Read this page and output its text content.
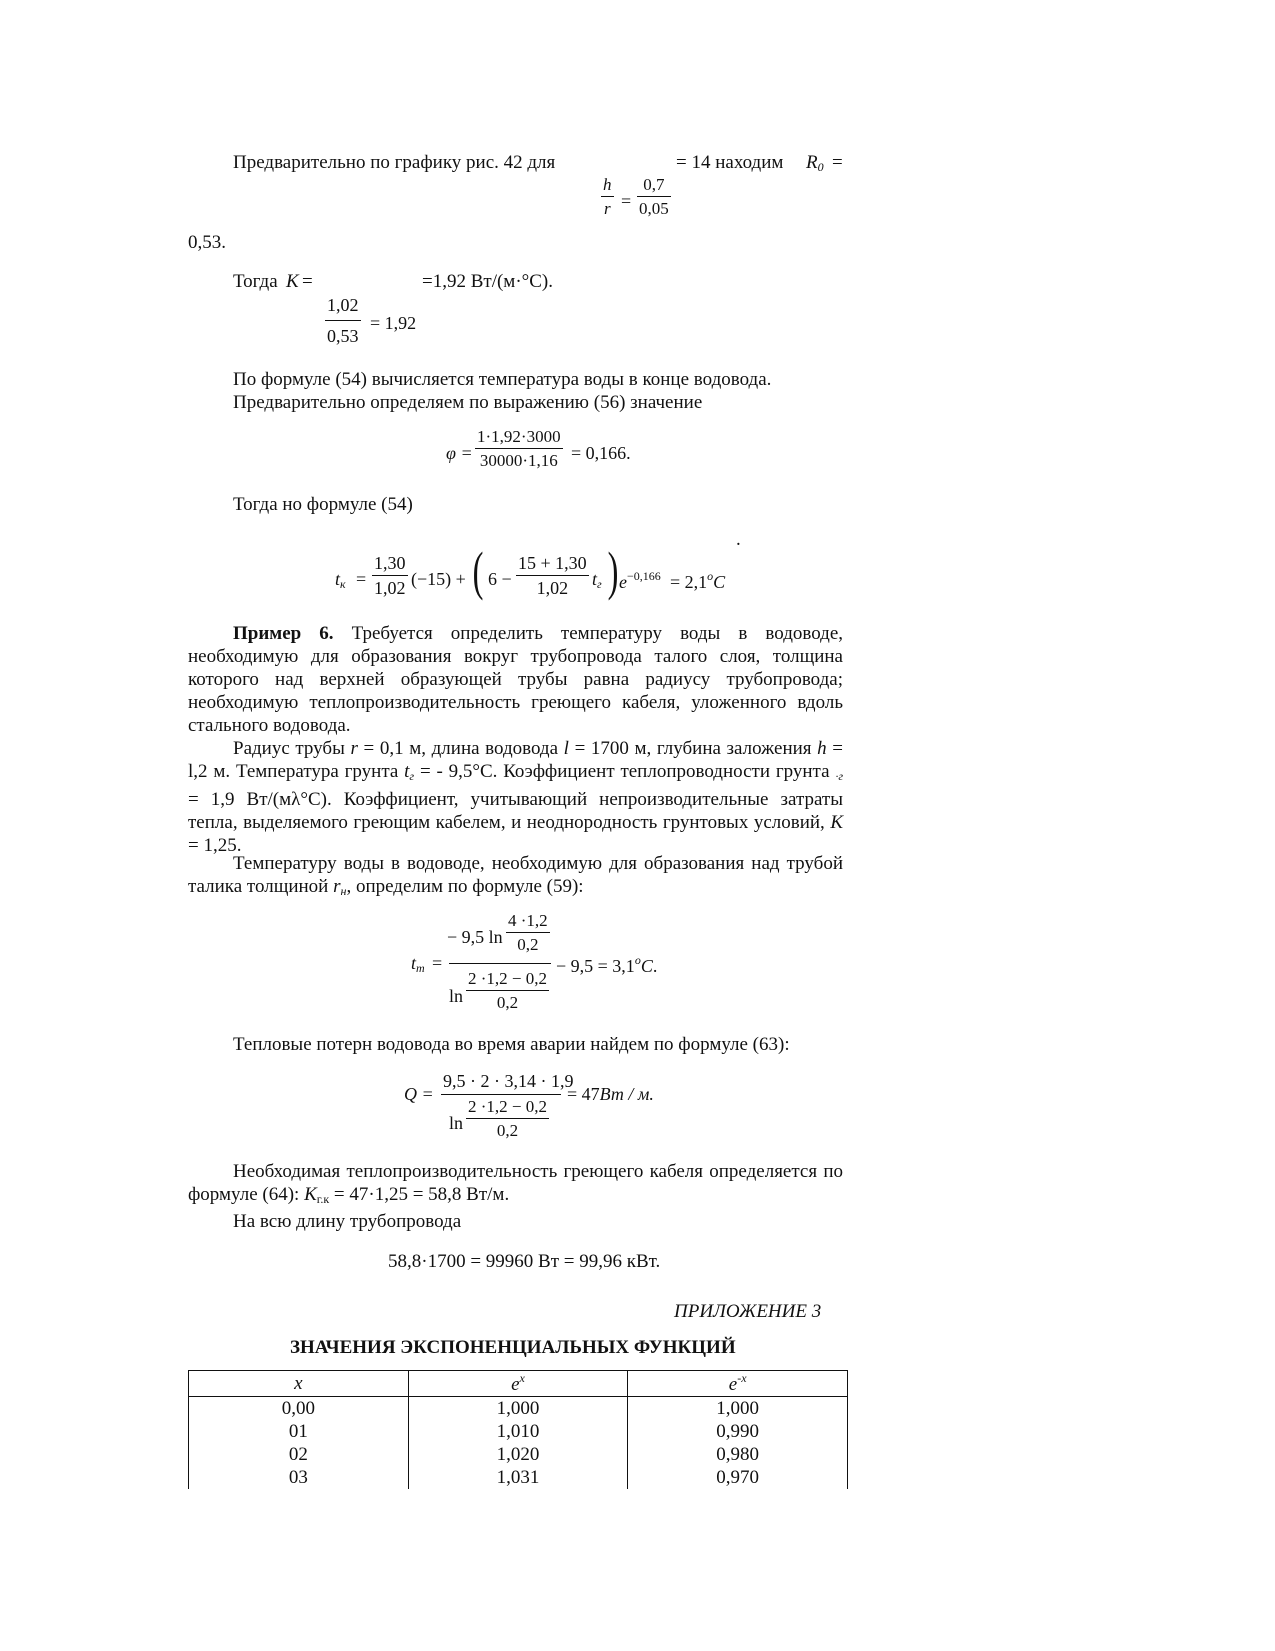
Предварительно по графику рис. 42 для	= 14 находим $R_0$ =
h
r =
0,7
0,05
0,53.
Тогда K =	=1,92 Вт/(м·°С).
1,02
0,53
= 1,92
По формуле (54) вычисляется температура воды в конце водовода.
Предварительно определяем по выражению (56) значение
φ =
1·1,92·3000
30000·1,16 = 0,166.
Тогда но формуле (54)
.
$t_к$ =
1,30
1,02 (−15) + ( 6 −
15 + 1,30
1,02	$t_г$ ) $e^{-0,166} = 2,1^oC$
Пример 6. Требуется определить температуру воды в водоводе, необходимую для образования вокруг трубопровода талого слоя, толщина которого над верхней образующей трубы равна радиусу трубопровода; необходимую теплопроизводительность греющего кабеля, уложенного вдоль стального водовода.
Радиус трубы r = 0,1 м, длина водовода l = 1700 м, глубина заложения h = l,2 м. Температура грунта $t_г$ = - 9,5°С. Коэффициент теплопроводности грунта $_{\cdot г}$ = 1,9 Вт/(мλ°С). Коэффициент, учитывающий непроизводительные затраты тепла, выделяемого греющим кабелем, и неоднородность грунтовых условий, K = 1,25.
Температуру воды в водоводе, необходимую для образования над трубой талика толщиной $r_н$, определим по формуле (59):
$t_т$ =
− 9,5 ln
4 ·1,2
0,2
ln
2 ·1,2 − 0,2
0,2
− $9,5 = 3,1^oC$.
Тепловые потерн водовода во время аварии найдем по формуле (63):
Q =
9,5 · 2 · 3,14 · 1,9
ln
2 ·1,2 − 0,2
0,2
= 47Вт / м.
Необходимая теплопроизводительность греющего кабеля определяется по формуле (64): $K_{г.к} = 47\cdot 1,25 = 58,8$ Вт/м.
На всю длину трубопровода
58,8·1700 = 99960 Вт = 99,96 кВт.
ПРИЛОЖЕНИЕ 3
ЗНАЧЕНИЯ ЭКСПОНЕНЦИАЛЬНЫХ ФУНКЦИЙ
x	$e^x$	$e^{-x}$
0,00	1,000	1,000
01	1,010	0,990
02	1,020	0,980
03	1,031	0,970
